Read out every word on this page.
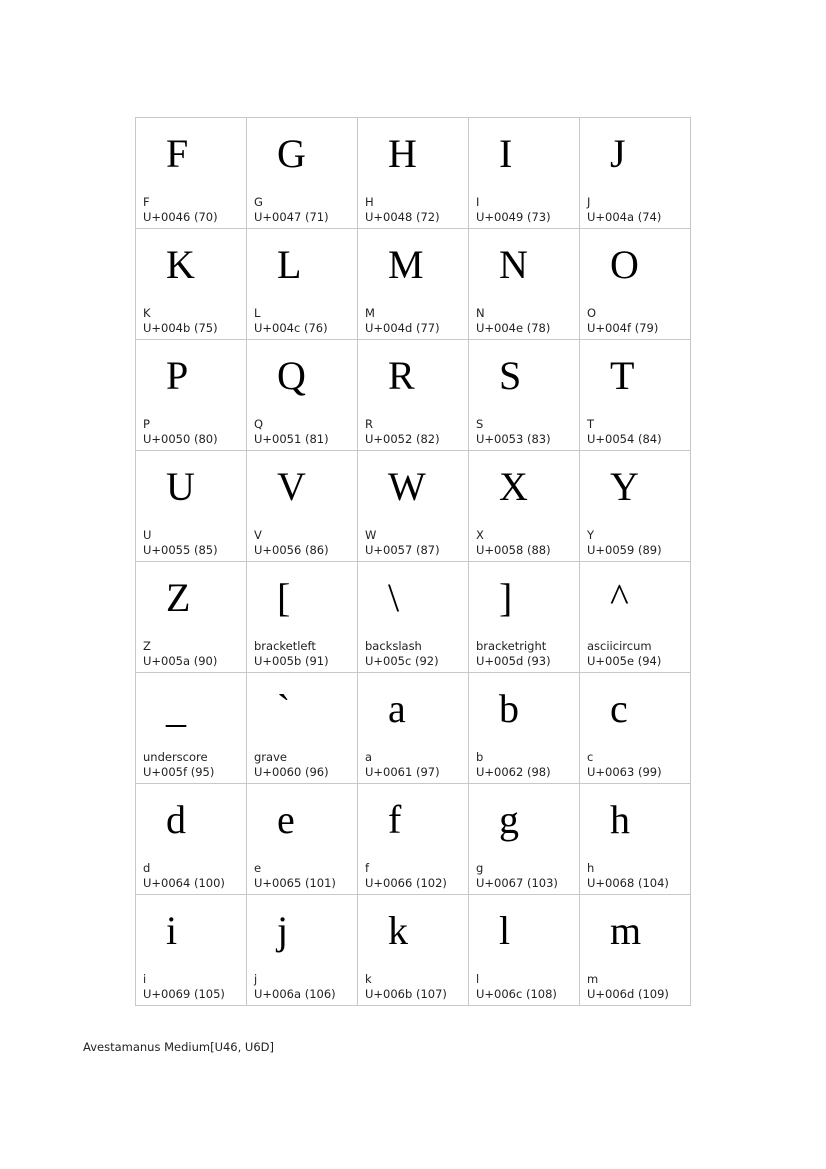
F
F
U+0046 (70)
G
G
U+0047 (71)
H
H
U+0048 (72)
I
I
U+0049 (73)
J
J
U+004a (74)
K
K
U+004b (75)
L
L
U+004c (76)
M
M
U+004d (77)
N
N
U+004e (78)
O
O
U+004f (79)
P
P
U+0050 (80)
Q
Q
U+0051 (81)
R
R
U+0052 (82)
S
S
U+0053 (83)
T
T
U+0054 (84)
U
U
U+0055 (85)
V
V
U+0056 (86)
W
W
U+0057 (87)
X
X
U+0058 (88)
Y
Y
U+0059 (89)
Z
Z
U+005a (90)
[
bracketleft
U+005b (91)
\
backslash
U+005c (92)
]
bracketright
U+005d (93)
^
asciicircum
U+005e (94)
_
underscore
U+005f (95)
`
grave
U+0060 (96)
a
a
U+0061 (97)
b
b
U+0062 (98)
c
c
U+0063 (99)
d
d
U+0064 (100)
e
e
U+0065 (101)
f
f
U+0066 (102)
g
g
U+0067 (103)
h
h
U+0068 (104)
i
i
U+0069 (105)
j
j
U+006a (106)
k
k
U+006b (107)
l
l
U+006c (108)
m
m
U+006d (109)
Avestamanus Medium[U46, U6D]
